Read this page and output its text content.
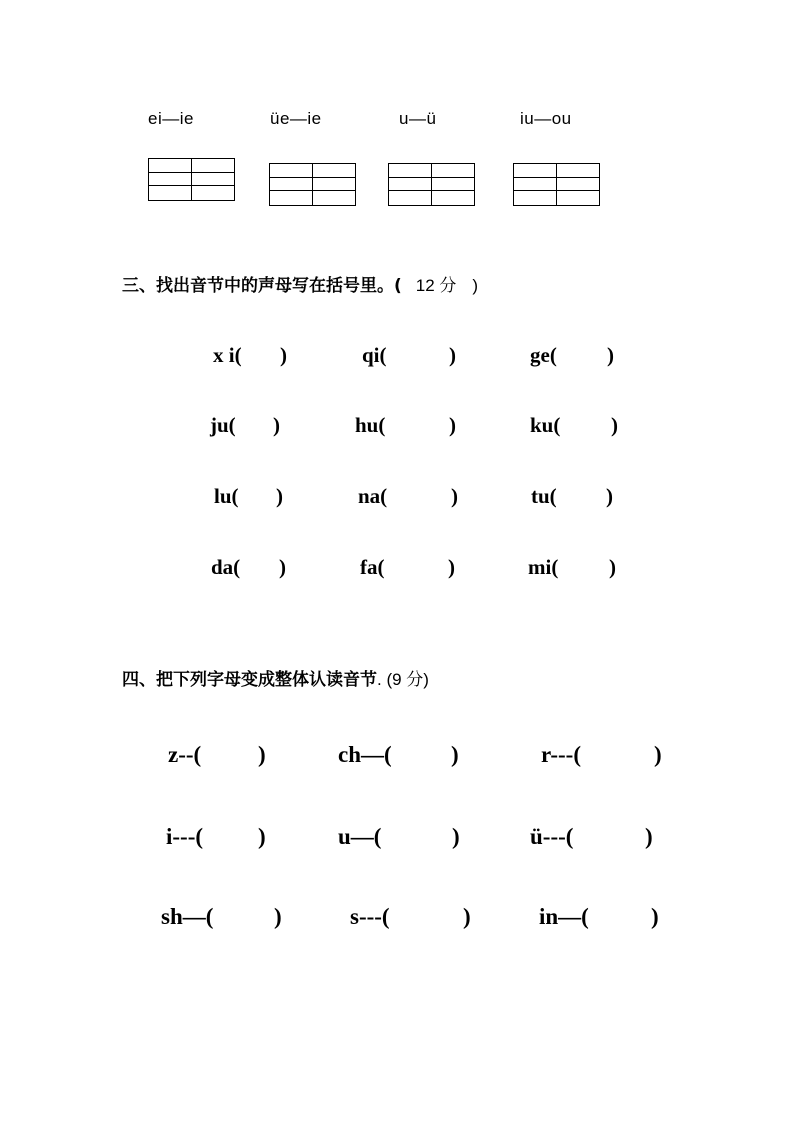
ei—ie	üe—ie	u—ü	iu—ou
三、找出音节中的声母写在括号里。( 12 分 )
x i( )	qi(	)	ge( )
ju( )	hu(	)	ku( )
lu( )	na(	)	tu( )
da( )	fa(	)	mi( )
四、把下列字母变成整体认读音节. (9 分)
z--( )	ch—(	)	r---(	)
i---( )	u—(	)	ü---(	)
sh—(	)	s---(	)	in—(	)
